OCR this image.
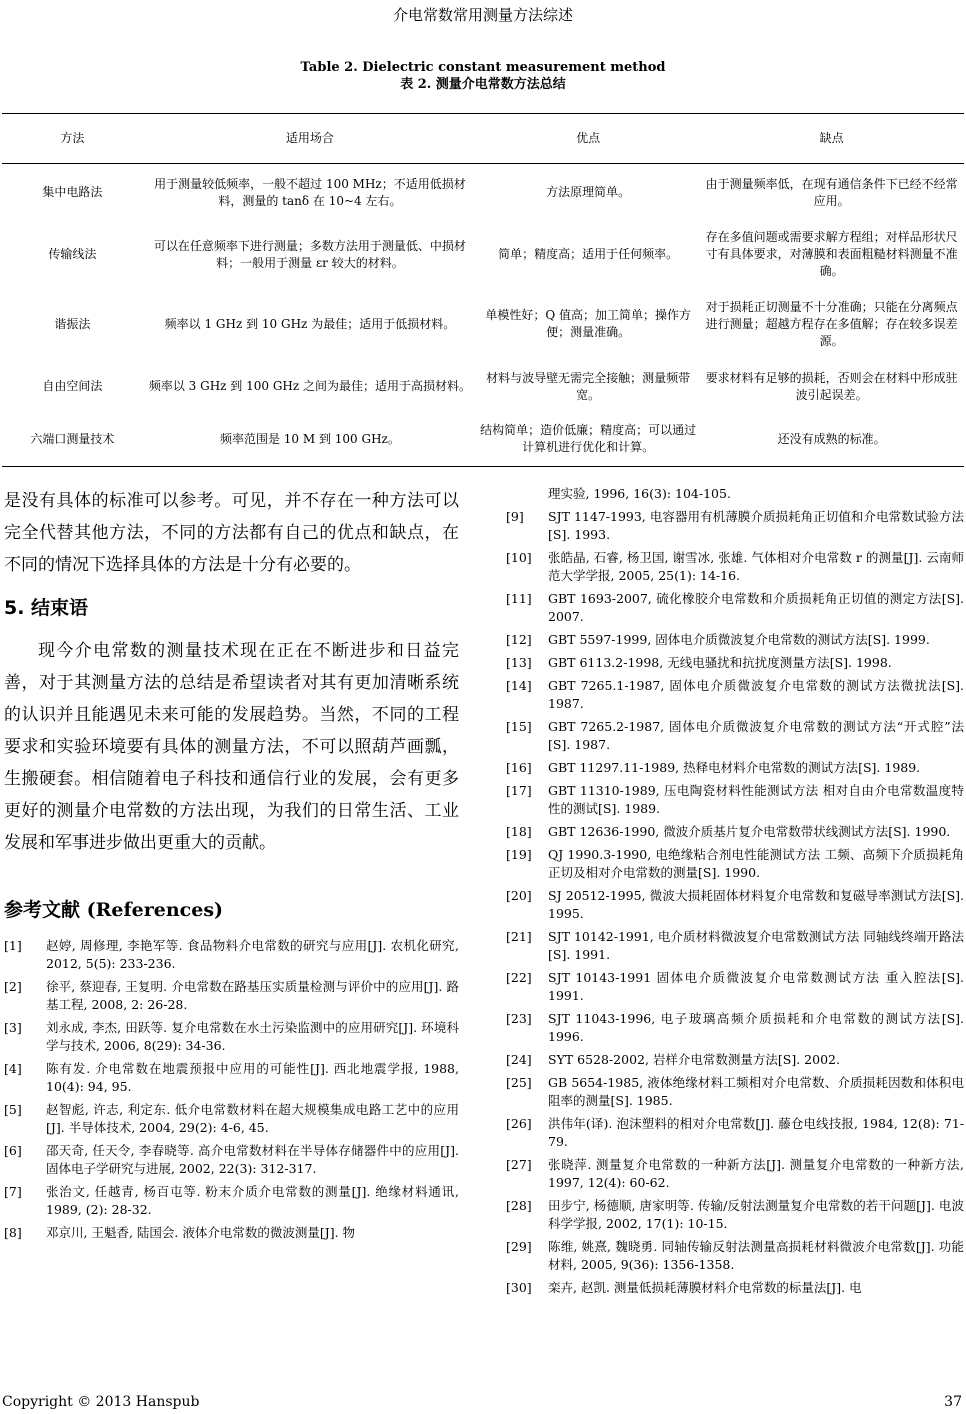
介电常数常用测量方法综述
Table 2. Dielectric constant measurement method
表 2. 测量介电常数方法总结
方法	适用场合	优点	缺点
集中电路法	用于测量较低频率，一般不超过 100 MHz；不适用低损材料，测量的 tanδ 在 10~4 左右。	方法原理简单。	由于测量频率低，在现有通信条件下已经不经常应用。
传输线法	可以在任意频率下进行测量；多数方法用于测量低、中损材料；一般用于测量 εr 较大的材料。	简单；精度高；适用于任何频率。	存在多值问题或需要求解方程组；对样品形状尺寸有具体要求，对薄膜和表面粗糙材料测量不准确。
谐振法	频率以 1 GHz 到 10 GHz 为最佳；适用于低损材料。	单模性好；Q 值高；加工简单；操作方便；测量准确。	对于损耗正切测量不十分准确；只能在分离频点进行测量；超越方程存在多值解；存在较多误差源。
自由空间法	频率以 3 GHz 到 100 GHz 之间为最佳；适用于高损材料。	材料与波导壁无需完全接触；测量频带宽。	要求材料有足够的损耗，否则会在材料中形成驻波引起误差。
六端口测量技术	频率范围是 10 M 到 100 GHz。	结构简单；造价低廉；精度高；可以通过计算机进行优化和计算。	还没有成熟的标准。

是没有具体的标准可以参考。可见，并不存在一种方法可以完全代替其他方法，不同的方法都有自己的优点和缺点，在不同的情况下选择具体的方法是十分有必要的。

5. 结束语

现今介电常数的测量技术现在正在不断进步和日益完善，对于其测量方法的总结是希望读者对其有更加清晰系统的认识并且能遇见未来可能的发展趋势。当然，不同的工程要求和实验环境要有具体的测量方法，不可以照葫芦画瓢，生搬硬套。相信随着电子科技和通信行业的发展，会有更多更好的测量介电常数的方法出现，为我们的日常生活、工业发展和军事进步做出更重大的贡献。

参考文献 (References)
[1]	赵婷, 周修理, 李艳军等. 食品物料介电常数的研究与应用[J]. 农机化研究, 2012, 5(5): 233-236.
[2]	徐平, 蔡迎春, 王复明. 介电常数在路基压实质量检测与评价中的应用[J]. 路基工程, 2008, 2: 26-28.
[3]	刘永成, 李杰, 田跃等. 复介电常数在水土污染监测中的应用研究[J]. 环境科学与技术, 2006, 8(29): 34-36.
[4]	陈有发. 介电常数在地震预报中应用的可能性[J]. 西北地震学报, 1988, 10(4): 94, 95.
[5]	赵智彪, 许志, 利定东. 低介电常数材料在超大规模集成电路工艺中的应用[J]. 半导体技术, 2004, 29(2): 4-6, 45.
[6]	邵天奇, 任天令, 李春晓等. 高介电常数材料在半导体存储器件中的应用[J]. 固体电子学研究与进展, 2002, 22(3): 312-317.
[7]	张治文, 任越青, 杨百屯等. 粉末介质介电常数的测量[J]. 绝缘材料通讯, 1989, (2): 28-32.
[8]	邓京川, 王魁香, 陆国会. 液体介电常数的微波测量[J]. 物
理实验, 1996, 16(3): 104-105.
[9]	SJT 1147-1993, 电容器用有机薄膜介质损耗角正切值和介电常数试验方法[S]. 1993.
[10]	张皓晶, 石睿, 杨卫国, 谢雪冰, 张雄. 气体相对介电常数 r 的测量[J]. 云南师范大学学报, 2005, 25(1): 14-16.
[11]	GBT 1693-2007, 硫化橡胶介电常数和介质损耗角正切值的测定方法[S]. 2007.
[12]	GBT 5597-1999, 固体电介质微波复介电常数的测试方法[S]. 1999.
[13]	GBT 6113.2-1998, 无线电骚扰和抗扰度测量方法[S]. 1998.
[14]	GBT 7265.1-1987, 固体电介质微波复介电常数的测试方法微扰法[S]. 1987.
[15]	GBT 7265.2-1987, 固体电介质微波复介电常数的测试方法“开式腔”法[S]. 1987.
[16]	GBT 11297.11-1989, 热释电材料介电常数的测试方法[S]. 1989.
[17]	GBT 11310-1989, 压电陶瓷材料性能测试方法 相对自由介电常数温度特性的测试[S]. 1989.
[18]	GBT 12636-1990, 微波介质基片复介电常数带状线测试方法[S]. 1990.
[19]	QJ 1990.3-1990, 电绝缘粘合剂电性能测试方法 工频、高频下介质损耗角正切及相对介电常数的测量[S]. 1990.
[20]	SJ 20512-1995, 微波大损耗固体材料复介电常数和复磁导率测试方法[S]. 1995.
[21]	SJT 10142-1991, 电介质材料微波复介电常数测试方法 同轴线终端开路法[S]. 1991.
[22]	SJT 10143-1991 固体电介质微波复介电常数测试方法 重入腔法[S]. 1991.
[23]	SJT 11043-1996, 电子玻璃高频介质损耗和介电常数的测试方法[S]. 1996.
[24]	SYT 6528-2002, 岩样介电常数测量方法[S]. 2002.
[25]	GB 5654-1985, 液体绝缘材料工频相对介电常数、介质损耗因数和体积电阻率的测量[S]. 1985.
[26]	洪伟年(译). 泡沫塑料的相对介电常数[J]. 藤仓电线技报, 1984, 12(8): 71-79.
[27]	张晓萍. 测量复介电常数的一种新方法[J]. 测量复介电常数的一种新方法, 1997, 12(4): 60-62.
[28]	田步宁, 杨德顺, 唐家明等. 传输/反射法测量复介电常数的若干问题[J]. 电波科学学报, 2002, 17(1): 10-15.
[29]	陈维, 姚熹, 魏晓勇. 同轴传输反射法测量高损耗材料微波介电常数[J]. 功能材料, 2005, 9(36): 1356-1358.
[30]	栾卉, 赵凯. 测量低损耗薄膜材料介电常数的标量法[J]. 电
Copyright © 2013 Hanspub	37
